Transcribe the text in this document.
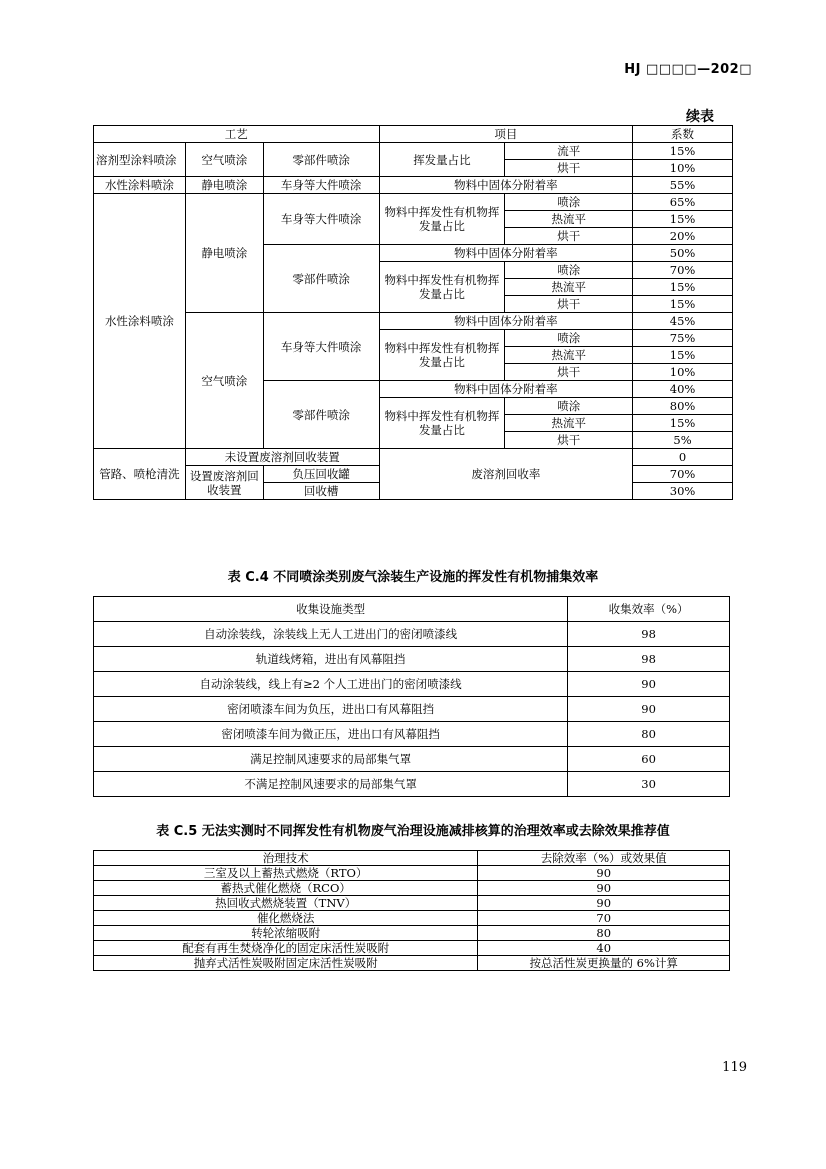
HJ □□□□—202□
续表
工艺			项目		系数
溶剂型涂料喷涂	空气喷涂	零部件喷涂	挥发量占比	流平	15%
				烘干	10%
水性涂料喷涂	静电喷涂	车身等大件喷涂	物料中固体分附着率		55%
水性涂料喷涂	静电喷涂	车身等大件喷涂	物料中挥发性有机物挥发量占比	喷涂	65%
				热流平	15%
				烘干	20%
		零部件喷涂	物料中固体分附着率		50%
			物料中挥发性有机物挥发量占比	喷涂	70%
				热流平	15%
				烘干	15%
	空气喷涂	车身等大件喷涂	物料中固体分附着率		45%
			物料中挥发性有机物挥发量占比	喷涂	75%
				热流平	15%
				烘干	10%
		零部件喷涂	物料中固体分附着率		40%
			物料中挥发性有机物挥发量占比	喷涂	80%
				热流平	15%
				烘干	5%
管路、喷枪清洗	未设置废溶剂回收装置		废溶剂回收率		0
	设置废溶剂回收装置	负压回收罐			70%
		回收槽			30%
表 C.4 不同喷涂类别废气涂装生产设施的挥发性有机物捕集效率
收集设施类型	收集效率（%）
自动涂装线，涂装线上无人工进出门的密闭喷漆线	98
轨道线烤箱，进出有风幕阻挡	98
自动涂装线，线上有≥2 个人工进出门的密闭喷漆线	90
密闭喷漆车间为负压，进出口有风幕阻挡	90
密闭喷漆车间为微正压，进出口有风幕阻挡	80
满足控制风速要求的局部集气罩	60
不满足控制风速要求的局部集气罩	30
表 C.5 无法实测时不同挥发性有机物废气治理设施减排核算的治理效率或去除效果推荐值
治理技术	去除效率（%）或效果值
三室及以上蓄热式燃烧（RTO）	90
蓄热式催化燃烧（RCO）	90
热回收式燃烧装置（TNV）	90
催化燃烧法	70
转轮浓缩吸附	80
配套有再生焚烧净化的固定床活性炭吸附	40
抛弃式活性炭吸附固定床活性炭吸附	按总活性炭更换量的 6%计算
119
